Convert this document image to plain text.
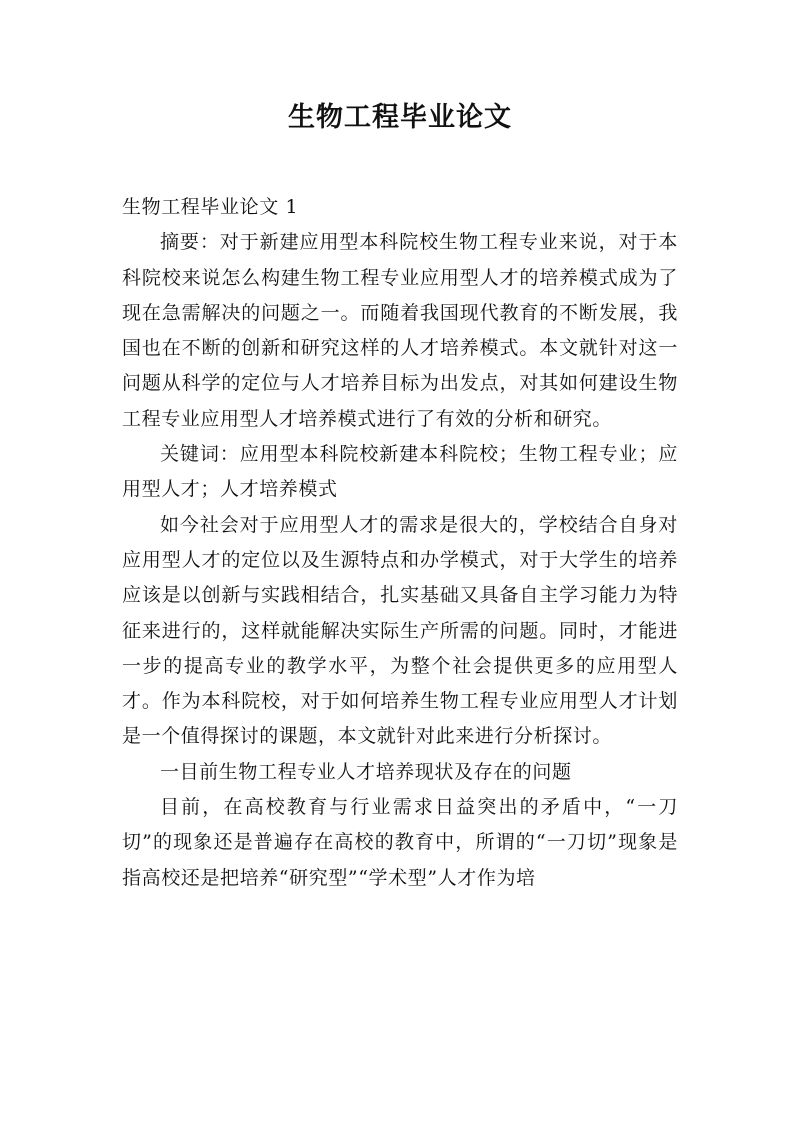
生物工程毕业论文

生物工程毕业论文 1

摘要：对于新建应用型本科院校生物工程专业来说，对于本科院校来说怎么构建生物工程专业应用型人才的培养模式成为了现在急需解决的问题之一。而随着我国现代教育的不断发展，我国也在不断的创新和研究这样的人才培养模式。本文就针对这一问题从科学的定位与人才培养目标为出发点，对其如何建设生物工程专业应用型人才培养模式进行了有效的分析和研究。

关键词：应用型本科院校新建本科院校；生物工程专业；应用型人才；人才培养模式

如今社会对于应用型人才的需求是很大的，学校结合自身对应用型人才的定位以及生源特点和办学模式，对于大学生的培养应该是以创新与实践相结合，扎实基础又具备自主学习能力为特征来进行的，这样就能解决实际生产所需的问题。同时，才能进一步的提高专业的教学水平，为整个社会提供更多的应用型人才。作为本科院校，对于如何培养生物工程专业应用型人才计划是一个值得探讨的课题，本文就针对此来进行分析探讨。

一目前生物工程专业人才培养现状及存在的问题

目前，在高校教育与行业需求日益突出的矛盾中，“一刀切”的现象还是普遍存在高校的教育中，所谓的“一刀切”现象是指高校还是把培养“研究型”“学术型”人才作为培
